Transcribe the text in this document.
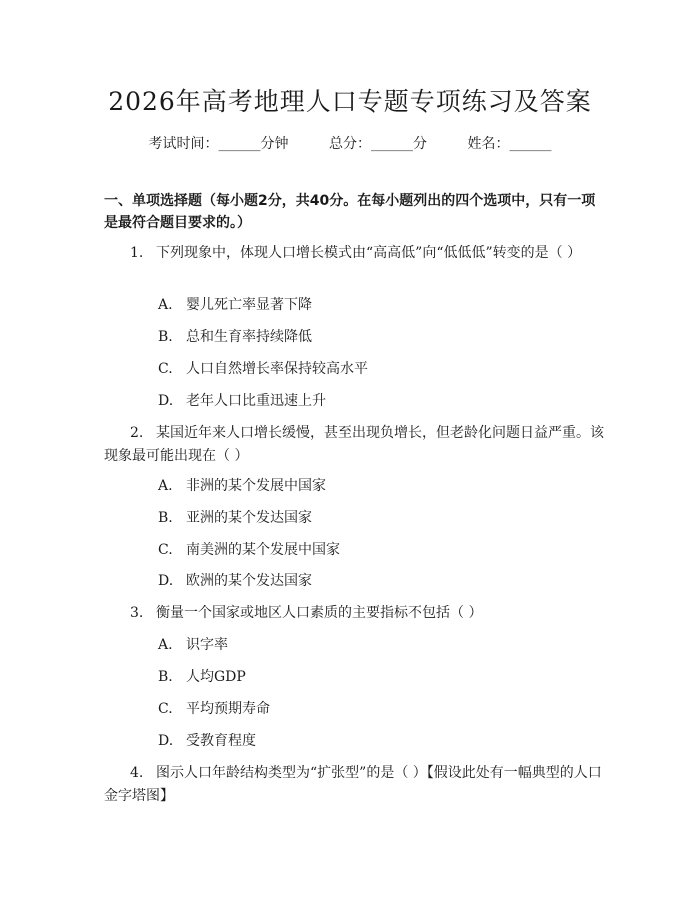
2026年高考地理人口专题专项练习及答案
考试时间：______分钟	总分：______分	姓名：______
一、单项选择题（每小题2分，共40分。在每小题列出的四个选项中，只有一项是最符合题目要求的。）
1. 下列现象中，体现人口增长模式由“高高低”向“低低低”转变的是（ ）
A. 婴儿死亡率显著下降
B. 总和生育率持续降低
C. 人口自然增长率保持较高水平
D. 老年人口比重迅速上升
2. 某国近年来人口增长缓慢，甚至出现负增长，但老龄化问题日益严重。该现象最可能出现在（ ）
A. 非洲的某个发展中国家
B. 亚洲的某个发达国家
C. 南美洲的某个发展中国家
D. 欧洲的某个发达国家
3. 衡量一个国家或地区人口素质的主要指标不包括（ ）
A. 识字率
B. 人均GDP
C. 平均预期寿命
D. 受教育程度
4. 图示人口年龄结构类型为“扩张型”的是（ ）【假设此处有一幅典型的人口金字塔图】
